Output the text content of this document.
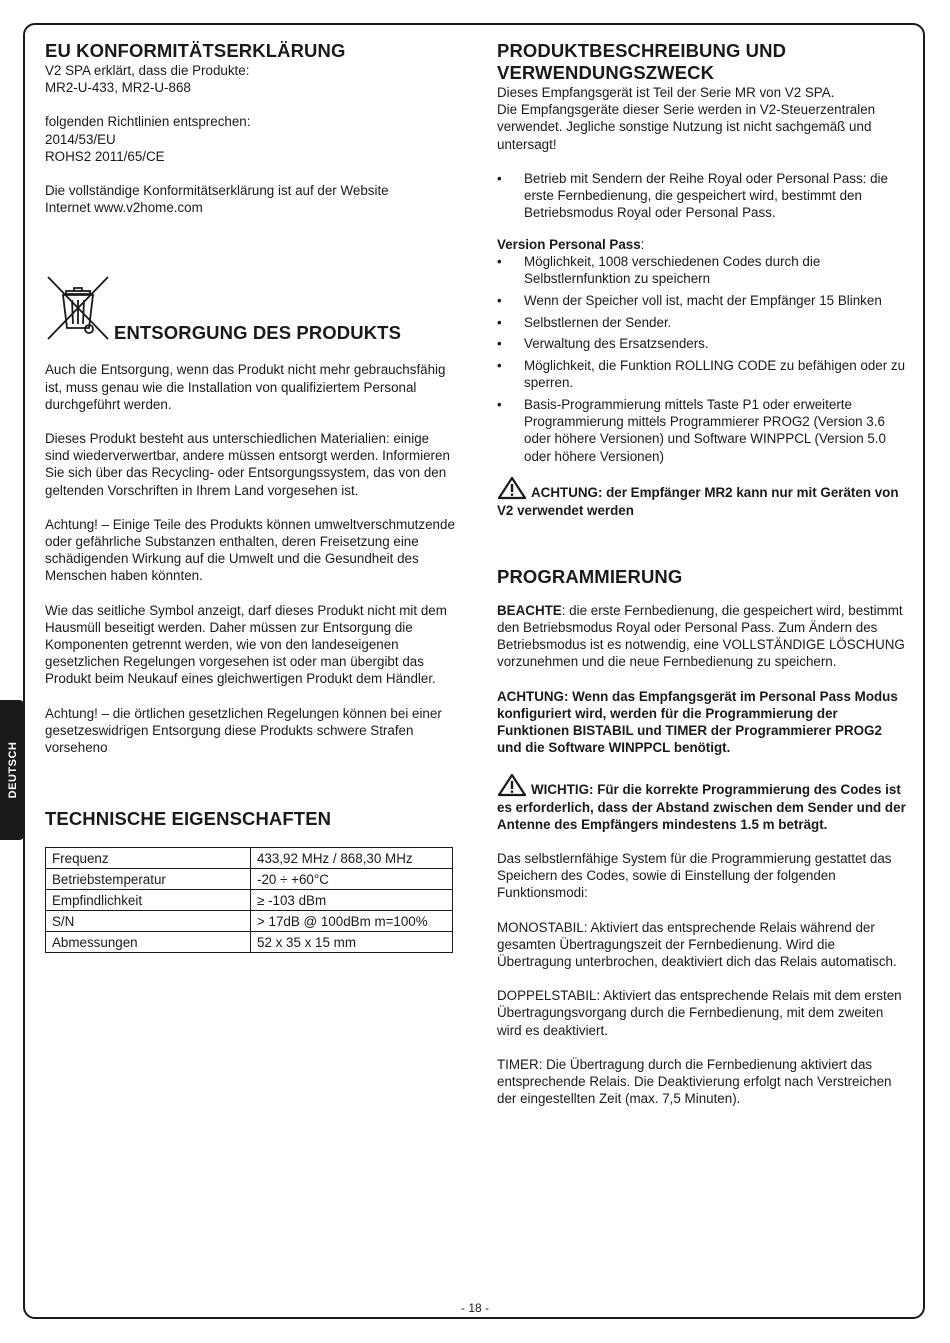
DEUTSCH
EU KONFORMITÄTSERKLÄRUNG

V2 SPA erklärt, dass die Produkte:

MR2-U-433, MR2-U-868

folgenden Richtlinien entsprechen:

2014/53/EU

ROHS2 2011/65/CE

Die vollständige Konformitätserklärung ist auf der Website

Internet www.v2home.com

ENTSORGUNG DES PRODUKTS

Auch die Entsorgung, wenn das Produkt nicht mehr gebrauchsfähig ist, muss genau wie die Installation von qualifiziertem Personal durchgeführt werden.

Dieses Produkt besteht aus unterschiedlichen Materialien: einige sind wiederverwertbar, andere müssen entsorgt werden. Informieren Sie sich über das Recycling- oder Entsorgungssystem, das von den geltenden Vorschriften in Ihrem Land vorgesehen ist.

Achtung! – Einige Teile des Produkts können umweltverschmutzende oder gefährliche Substanzen enthalten, deren Freisetzung eine schädigenden Wirkung auf die Umwelt und die Gesundheit des Menschen haben könnten.

Wie das seitliche Symbol anzeigt, darf dieses Produkt nicht mit dem Hausmüll beseitigt werden. Daher müssen zur Entsorgung die Komponenten getrennt werden, wie von den landeseigenen gesetzlichen Regelungen vorgesehen ist oder man übergibt das Produkt beim Neukauf eines gleichwertigen Produkt dem Händler.

Achtung! – die örtlichen gesetzlichen Regelungen können bei einer gesetzeswidrigen Entsorgung diese Produkts schwere Strafen vorseheno

TECHNISCHE EIGENSCHAFTEN
Frequenz	433,92 MHz / 868,30 MHz
Betriebstemperatur	-20 ÷ +60°C
Empfindlichkeit	≥ -103 dBm
S/N	> 17dB @ 100dBm m=100%
Abmessungen	52 x 35 x 15 mm
PRODUKTBESCHREIBUNG UND
VERWENDUNGSZWECK

Dieses Empfangsgerät ist Teil der Serie MR von V2 SPA.

Die Empfangsgeräte dieser Serie werden in V2-Steuerzentralen verwendet. Jegliche sonstige Nutzung ist nicht sachgemäß und untersagt!

• Betrieb mit Sendern der Reihe Royal oder Personal Pass: die erste Fernbedienung, die gespeichert wird, bestimmt den Betriebsmodus Royal oder Personal Pass.

Version Personal Pass:

• Möglichkeit, 1008 verschiedenen Codes durch die Selbstlernfunktion zu speichern
• Wenn der Speicher voll ist, macht der Empfänger 15 Blinken
• Selbstlernen der Sender.
• Verwaltung des Ersatzsenders.
• Möglichkeit, die Funktion ROLLING CODE zu befähigen oder zu sperren.
• Basis-Programmierung mittels Taste P1 oder erweiterte Programmierung mittels Programmierer PROG2 (Version 3.6 oder höhere Versionen) und Software WINPPCL (Version 5.0 oder höhere Versionen)

ACHTUNG: der Empfänger MR2 kann nur mit Geräten von V2 verwendet werden

PROGRAMMIERUNG

BEACHTE: die erste Fernbedienung, die gespeichert wird, bestimmt den Betriebsmodus Royal oder Personal Pass. Zum Ändern des Betriebsmodus ist es notwendig, eine VOLLSTÄNDIGE LÖSCHUNG vorzunehmen und die neue Fernbedienung zu speichern.

ACHTUNG: Wenn das Empfangsgerät im Personal Pass Modus konfiguriert wird, werden für die Programmierung der Funktionen BISTABIL und TIMER der Programmierer PROG2 und die Software WINPPCL benötigt.

WICHTIG: Für die korrekte Programmierung des Codes ist es erforderlich, dass der Abstand zwischen dem Sender und der Antenne des Empfängers mindestens 1.5 m beträgt.

Das selbstlernfähige System für die Programmierung gestattet das Speichern des Codes, sowie di Einstellung der folgenden Funktionsmodi:

MONOSTABIL: Aktiviert das entsprechende Relais während der gesamten Übertragungszeit der Fernbedienung. Wird die Übertragung unterbrochen, deaktiviert dich das Relais automatisch.

DOPPELSTABIL: Aktiviert das entsprechende Relais mit dem ersten Übertragungsvorgang durch die Fernbedienung, mit dem zweiten wird es deaktiviert.

TIMER: Die Übertragung durch die Fernbedienung aktiviert das entsprechende Relais. Die Deaktivierung erfolgt nach Verstreichen der eingestellten Zeit (max. 7,5 Minuten).

- 18 -
